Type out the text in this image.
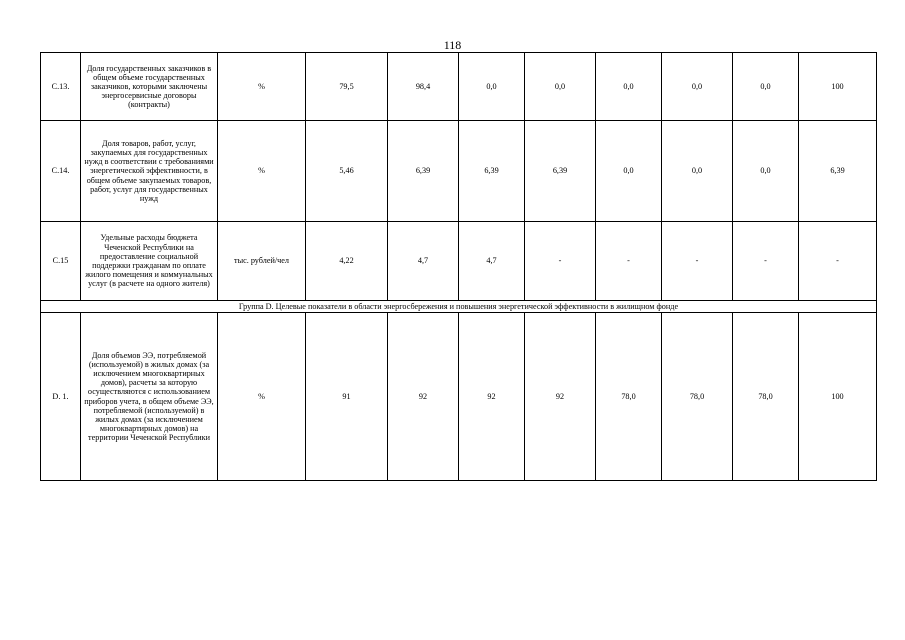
118
C.13.	Доля государственных заказчиков в общем объеме государственных заказчиков, которыми заключены энергосервисные договоры (контракты)	%	79,5	98,4	0,0	0,0	0,0	0,0	0,0	100
C.14.	Доля товаров, работ, услуг, закупаемых для государственных нужд в соответствии с требованиями энергетической эффективности, в общем объеме закупаемых товаров, работ, услуг для государственных нужд	%	5,46	6,39	6,39	6,39	0,0	0,0	0,0	6,39
C.15	Удельные расходы бюджета Чеченской Республики на предоставление социальной поддержки гражданам по оплате жилого помещения и коммунальных услуг (в расчете на одного жителя)	тыс. рублей/чел	4,22	4,7	4,7	-	-	-	-	-
Группа D. Целевые показатели в области энергосбережения и повышения энергетической эффективности в жилищном фонде										
D. 1.	Доля объемов ЭЭ, потребляемой (используемой) в жилых домах (за исключением многоквартирных домов), расчеты за которую осуществляются с использованием приборов учета, в общем объеме ЭЭ, потребляемой (используемой) в жилых домах (за исключением многоквартирных домов) на территории Чеченской Республики	%	91	92	92	92	78,0	78,0	78,0	100
